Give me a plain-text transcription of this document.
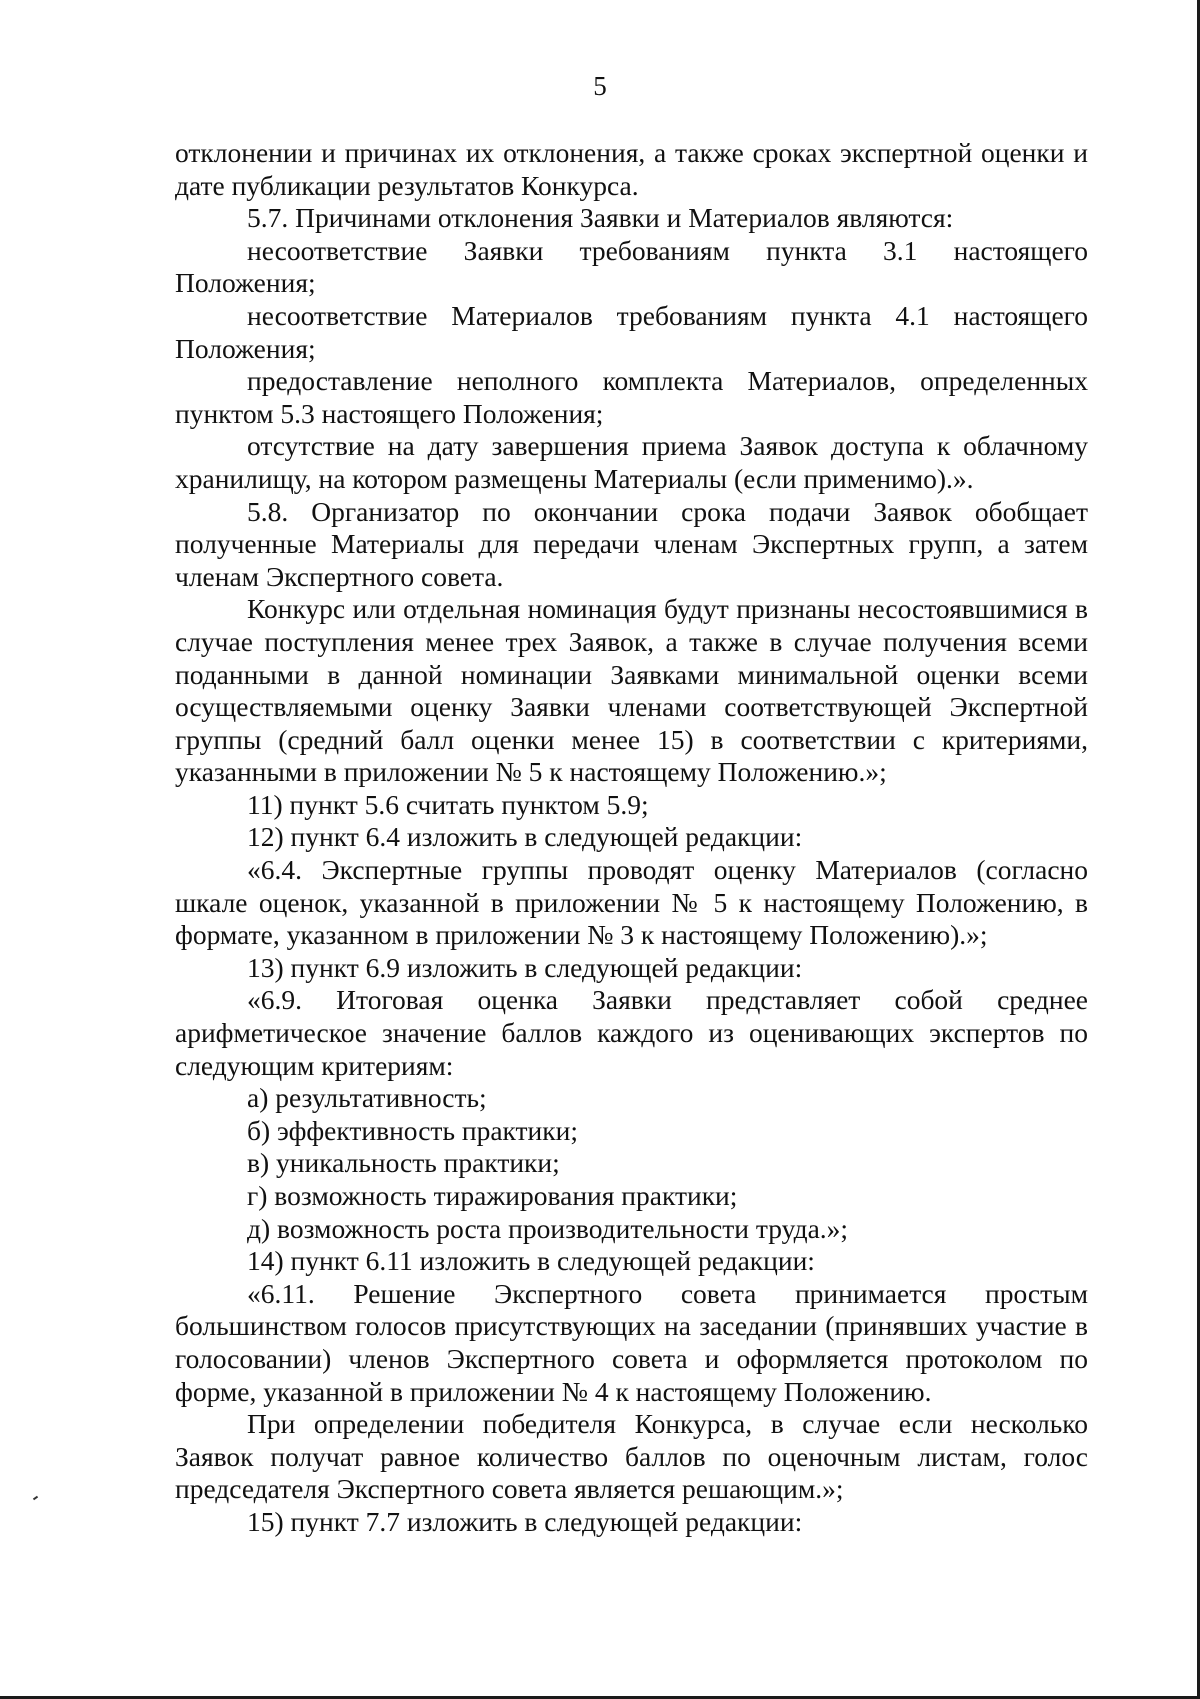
5

отклонении и причинах их отклонения, а также сроках экспертной оценки и дате публикации результатов Конкурса.

5.7. Причинами отклонения Заявки и Материалов являются:

несоответствие Заявки требованиям пункта 3.1 настоящего Положения;

несоответствие Материалов требованиям пункта 4.1 настоящего Положения;

предоставление неполного комплекта Материалов, определенных пунктом 5.3 настоящего Положения;

отсутствие на дату завершения приема Заявок доступа к облачному хранилищу, на котором размещены Материалы (если применимо).».

5.8. Организатор по окончании срока подачи Заявок обобщает полученные Материалы для передачи членам Экспертных групп, а затем членам Экспертного совета.

Конкурс или отдельная номинация будут признаны несостоявшимися в случае поступления менее трех Заявок, а также в случае получения всеми поданными в данной номинации Заявками минимальной оценки всеми осуществляемыми оценку Заявки членами соответствующей Экспертной группы (средний балл оценки менее 15) в соответствии с критериями, указанными в приложении № 5 к настоящему Положению.»;

11) пункт 5.6 считать пунктом 5.9;

12) пункт 6.4 изложить в следующей редакции:

«6.4. Экспертные группы проводят оценку Материалов (согласно шкале оценок, указанной в приложении № 5 к настоящему Положению, в формате, указанном в приложении № 3 к настоящему Положению).»;

13) пункт 6.9 изложить в следующей редакции:

«6.9. Итоговая оценка Заявки представляет собой среднее арифметическое значение баллов каждого из оценивающих экспертов по следующим критериям:

а) результативность;

б) эффективность практики;

в) уникальность практики;

г) возможность тиражирования практики;

д) возможность роста производительности труда.»;

14) пункт 6.11 изложить в следующей редакции:

«6.11. Решение Экспертного совета принимается простым большинством голосов присутствующих на заседании (принявших участие в голосовании) членов Экспертного совета и оформляется протоколом по форме, указанной в приложении № 4 к настоящему Положению.

При определении победителя Конкурса, в случае если несколько Заявок получат равное количество баллов по оценочным листам, голос председателя Экспертного совета является решающим.»;

15) пункт 7.7 изложить в следующей редакции:
